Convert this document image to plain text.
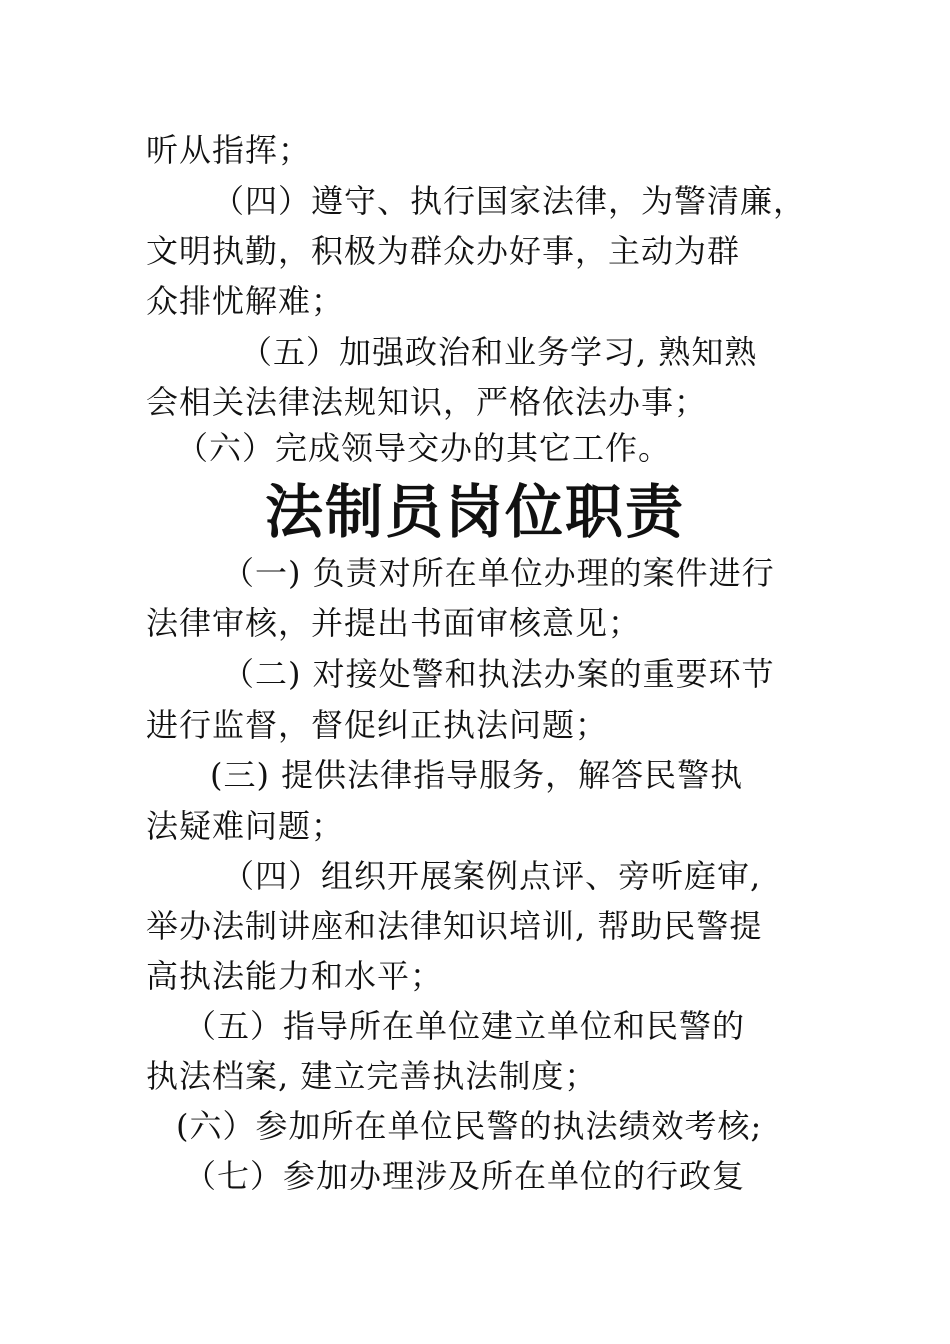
听从指挥；
（四）遵守、执行国家法律，为警清廉，
文明执勤，积极为群众办好事，主动为群
众排忧解难；
（五）加强政治和业务学习, 熟知熟
会相关法律法规知识，严格依法办事；
（六）完成领导交办的其它工作。
法制员岗位职责
（一) 负责对所在单位办理的案件进行
法律审核，并提出书面审核意见；
（二) 对接处警和执法办案的重要环节
进行监督，督促纠正执法问题；
(三) 提供法律指导服务，解答民警执
法疑难问题；
（四）组织开展案例点评、旁听庭审,
举办法制讲座和法律知识培训, 帮助民警提
高执法能力和水平；
（五）指导所在单位建立单位和民警的
执法档案, 建立完善执法制度；
(六）参加所在单位民警的执法绩效考核;
（七）参加办理涉及所在单位的行政复
